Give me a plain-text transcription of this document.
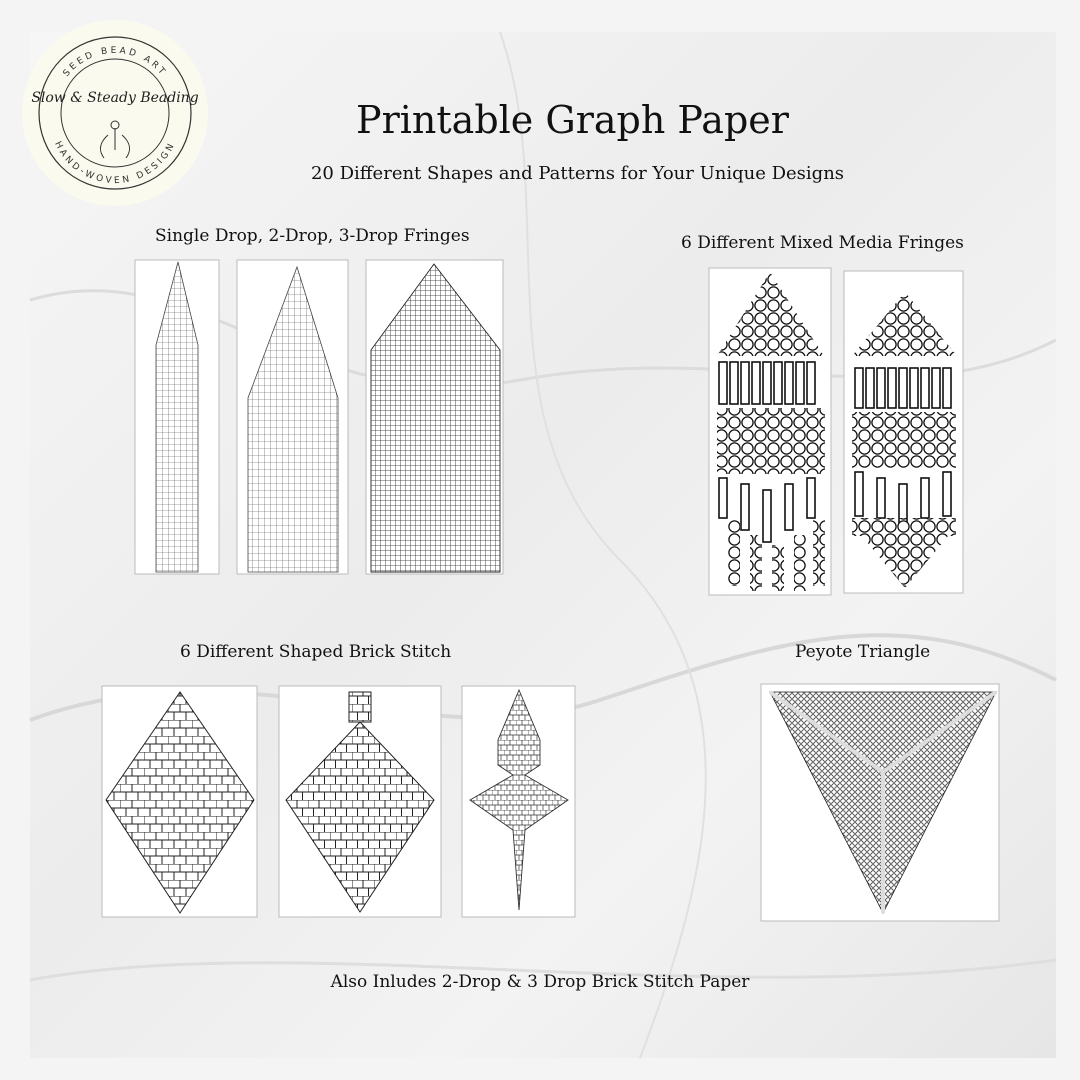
SEED BEAD ART
HAND-WOVEN DESIGN
Slow & Steady Beading	Printable Graph Paper
20 Different Shapes and Patterns for Your Unique Designs
Single Drop, 2-Drop, 3-Drop Fringes	6 Different Mixed Media Fringes
6 Different Shaped Brick Stitch	Peyote Triangle
Also Inludes 2-Drop & 3 Drop Brick Stitch Paper
